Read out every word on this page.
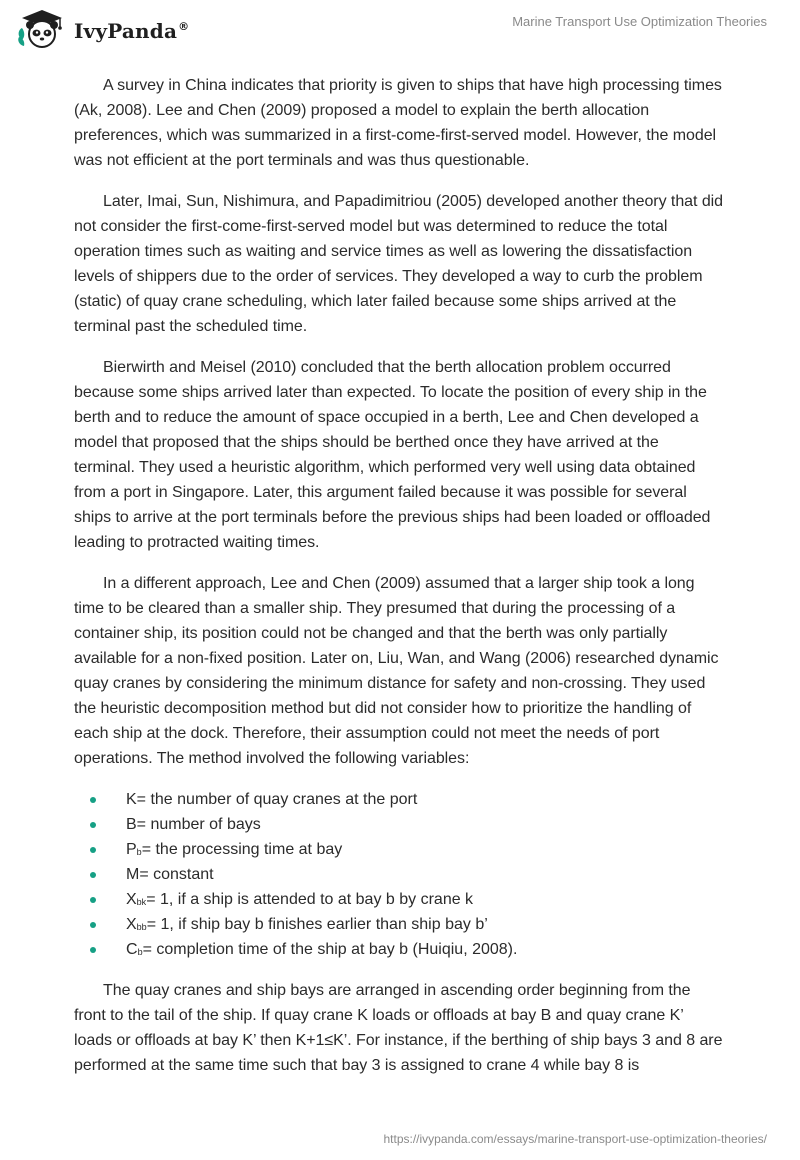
IvyPanda®	Marine Transport Use Optimization Theories

A survey in China indicates that priority is given to ships that have high processing times (Ak, 2008). Lee and Chen (2009) proposed a model to explain the berth allocation preferences, which was summarized in a first-come-first-served model. However, the model was not efficient at the port terminals and was thus questionable.

Later, Imai, Sun, Nishimura, and Papadimitriou (2005) developed another theory that did not consider the first-come-first-served model but was determined to reduce the total operation times such as waiting and service times as well as lowering the dissatisfaction levels of shippers due to the order of services. They developed a way to curb the problem (static) of quay crane scheduling, which later failed because some ships arrived at the terminal past the scheduled time.

Bierwirth and Meisel (2010) concluded that the berth allocation problem occurred because some ships arrived later than expected. To locate the position of every ship in the berth and to reduce the amount of space occupied in a berth, Lee and Chen developed a model that proposed that the ships should be berthed once they have arrived at the terminal. They used a heuristic algorithm, which performed very well using data obtained from a port in Singapore. Later, this argument failed because it was possible for several ships to arrive at the port terminals before the previous ships had been loaded or offloaded leading to protracted waiting times.

In a different approach, Lee and Chen (2009) assumed that a larger ship took a long time to be cleared than a smaller ship. They presumed that during the processing of a container ship, its position could not be changed and that the berth was only partially available for a non-fixed position. Later on, Liu, Wan, and Wang (2006) researched dynamic quay cranes by considering the minimum distance for safety and non-crossing. They used the heuristic decomposition method but did not consider how to prioritize the handling of each ship at the dock. Therefore, their assumption could not meet the needs of port operations. The method involved the following variables:

K= the number of quay cranes at the port
B= number of bays
$P_b=$ the processing time at bay
M= constant
$X_{bk}= 1$, if a ship is attended to at bay b by crane k
$X_{bb}= 1$, if ship bay b finishes earlier than ship bay b’
$C_b=$ completion time of the ship at bay b (Huiqiu, 2008).

The quay cranes and ship bays are arranged in ascending order beginning from the front to the tail of the ship. If quay crane K loads or offloads at bay B and quay crane K’ loads or offloads at bay K’ then K+1≤K’. For instance, if the berthing of ship bays 3 and 8 are performed at the same time such that bay 3 is assigned to crane 4 while bay 8 is

https://ivypanda.com/essays/marine-transport-use-optimization-theories/
